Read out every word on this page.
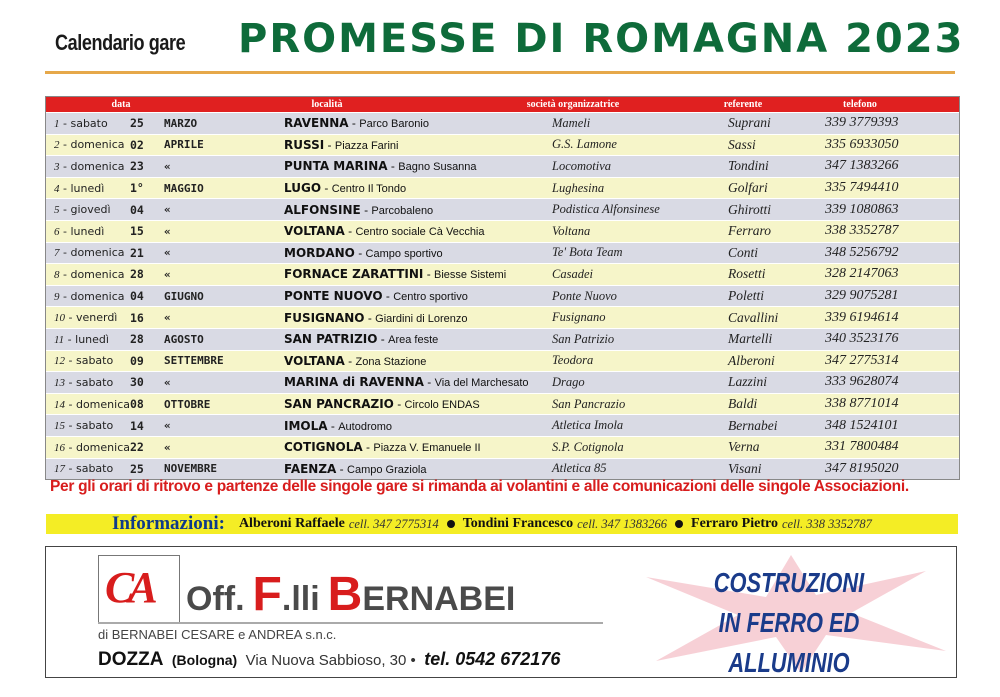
Calendario gare PROMESSE DI ROMAGNA 2023
data	località	società organizzatrice	referente	telefono
1 - sabato	25	MARZO	RAVENNA - Parco Baronio	Mameli	Suprani	339 3779393
2 - domenica 02	APRILE	RUSSI - Piazza Farini	G.S. Lamone	Sassi	335 6933050
3 - domenica 23	«	PUNTA MARINA - Bagno Susanna	Locomotiva	Tondini	347 1383266
4 - lunedì	1°	MAGGIO	LUGO - Centro Il Tondo	Lughesina	Golfari	335 7494410
5 - giovedì	04	«	ALFONSINE - Parcobaleno	Podistica Alfonsinese	Ghirotti	339 1080863
6 - lunedì	15	«	VOLTANA - Centro sociale Cà Vecchia	Voltana	Ferraro	338 3352787
7 - domenica 21	«	MORDANO - Campo sportivo	Te' Bota Team	Conti	348 5256792
8 - domenica 28	«	FORNACE ZARATTINI - Biesse Sistemi	Casadei	Rosetti	328 2147063
9 - domenica 04	GIUGNO	PONTE NUOVO - Centro sportivo	Ponte Nuovo	Poletti	329 9075281
10 - venerdì	16	«	FUSIGNANO - Giardini di Lorenzo	Fusignano	Cavallini	339 6194614
11 - lunedì	28	AGOSTO	SAN PATRIZIO - Area feste	San Patrizio	Martelli	340 3523176
12 - sabato	09	SETTEMBRE	VOLTANA - Zona Stazione	Teodora	Alberoni	347 2775314
13 - sabato	30	«	MARINA di RAVENNA - Via del Marchesato	Drago	Lazzini	333 9628074
14 - domenica 08	OTTOBRE	SAN PANCRAZIO - Circolo ENDAS	San Pancrazio	Baldi	338 8771014
15 - sabato	14	«	IMOLA - Autodromo	Atletica Imola	Bernabei	348 1524101
16 - domenica 22	«	COTIGNOLA - Piazza V. Emanuele II	S.P. Cotignola	Verna	331 7800484
17 - sabato	25	NOVEMBRE	FAENZA - Campo Graziola	Atletica 85	Visani	347 8195020
Per gli orari di ritrovo e partenze delle singole gare si rimanda ai volantini e alle comunicazioni delle singole Associazioni.
Informazioni: Alberoni Raffaele cell. 347 2775314 Tondini Francesco cell. 347 1383266 Ferraro Pietro cell. 338 3352787
CA Off. F.lli BERNABEI
di BERNABEI CESARE e ANDREA s.n.c.
DOZZA (Bologna) Via Nuova Sabbioso, 30 • tel. 0542 672176
COSTRUZIONI
IN FERRO ED ALLUMINIO
